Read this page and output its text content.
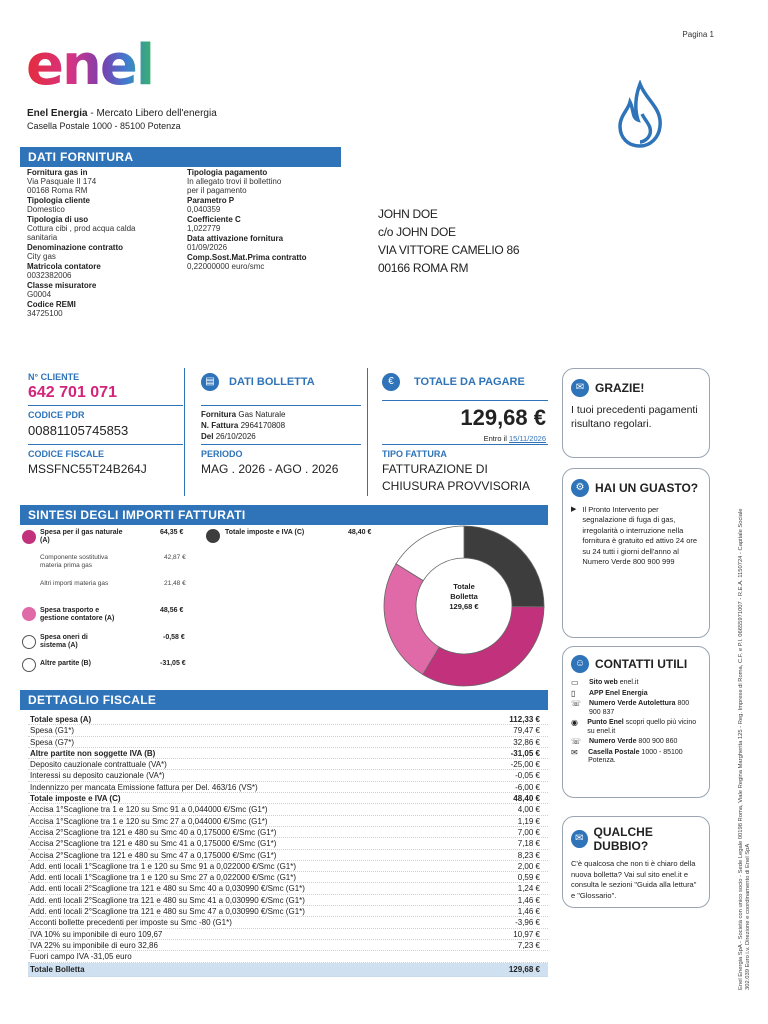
Pagina 1
enel
Enel Energia - Mercato Libero dell'energia
Casella Postale 1000 - 85100 Potenza
DATI FORNITURA
Fornitura gas in
Via Pasquale II 174
00168 Roma RM
Tipologia cliente
Domestico
Tipologia di uso
Cottura cibi , prod acqua calda
sanitaria
Denominazione contratto
City gas
Matricola contatore
0032382006
Classe misuratore
G0004
Codice REMI
34725100
Tipologia pagamento
In allegato trovi il bollettino
per il pagamento
Parametro P
0,040359
Coefficiente C
1,022779
Data attivazione fornitura
01/09/2026
Comp.Sost.Mat.Prima contratto
0,22000000 euro/smc
JOHN DOE
c/o JOHN DOE
VIA VITTORE CAMELIO 86
00166 ROMA RM
N° CLIENTE
642 701 071
CODICE PDR
00881105745853
CODICE FISCALE
MSSFNC55T24B264J
▤	DATI BOLLETTA
Fornitura Gas Naturale
N. Fattura 2964170808
Del 26/10/2026
PERIODO
MAG . 2026 - AGO . 2026
€	TOTALE DA PAGARE
129,68 €
Entro il 15/11/2026
TIPO FATTURA
FATTURAZIONE DI CHIUSURA PROVVISORIA
✉ GRAZIE!
I tuoi precedenti pagamenti risultano regolari.
⚙ HAI UN GUASTO?
▶ Il Pronto Intervento per segnalazione di fuga di gas, irregolarità o interruzione nella fornitura è gratuito ed attivo 24 ore su 24 tutti i giorni dell'anno al Numero Verde 800 900 999
☺ CONTATTI UTILI
▭	Sito web enel.it
▯	APP Enel Energia
☏ Numero Verde Autolettura 800 900 837
◉ Punto Enel scopri quello più vicino su enel.it
☏ Numero Verde 800 900 860
✉	Casella Postale 1000 - 85100 Potenza.
✉ QUALCHE DUBBIO?
C'è qualcosa che non ti è chiaro della nuova bolletta? Vai sul sito enel.it e consulta le sezioni "Guida alla lettura" e "Glossario".
SINTESI DEGLI IMPORTI FATTURATI
Spesa per il gas naturale (A)
64,35 €
Componente sostitutiva materia prima gas
42,87 €
Altri importi materia gas	21,48 €
Spesa trasporto e gestione contatore (A)
48,56 €
Spesa oneri di sistema (A)
-0,58 €
Altre partite (B)	-31,05 €
Totale imposte e IVA (C)	48,40 €
Totale
Bolletta
129,68 €
DETTAGLIO FISCALE
Totale spesa (A)	112,33 €
Spesa (G1*)	79,47 €
Spesa (G7*)	32,86 €
Altre partite non soggette IVA (B)	-31,05 €
Deposito cauzionale contrattuale (VA*)	-25,00 €
Interessi su deposito cauzionale (VA*)	-0,05 €
Indennizzo per mancata Emissione fattura per Del. 463/16 (VS*)	-6,00 €
Totale imposte e IVA (C)	48,40 €
Accisa 1°Scaglione tra 1 e 120 su Smc 91 a 0,044000 €/Smc (G1*)	4,00 €
Accisa 1°Scaglione tra 1 e 120 su Smc 27 a 0,044000 €/Smc (G1*)	1,19 €
Accisa 2°Scaglione tra 121 e 480 su Smc 40 a 0,175000 €/Smc (G1*)	7,00 €
Accisa 2°Scaglione tra 121 e 480 su Smc 41 a 0,175000 €/Smc (G1*)	7,18 €
Accisa 2°Scaglione tra 121 e 480 su Smc 47 a 0,175000 €/Smc (G1*)	8,23 €
Add. enti locali 1°Scaglione tra 1 e 120 su Smc 91 a 0,022000 €/Smc (G1*)	2,00 €
Add. enti locali 1°Scaglione tra 1 e 120 su Smc 27 a 0,022000 €/Smc (G1*)	0,59 €
Add. enti locali 2°Scaglione tra 121 e 480 su Smc 40 a 0,030990 €/Smc (G1*)	1,24 €
Add. enti locali 2°Scaglione tra 121 e 480 su Smc 41 a 0,030990 €/Smc (G1*)	1,46 €
Add. enti locali 2°Scaglione tra 121 e 480 su Smc 47 a 0,030990 €/Smc (G1*)	1,46 €
Acconti bollette precedenti per imposte su Smc -80 (G1*)	-3,96 €
IVA 10% su imponibile di euro 109,67	10,97 €
IVA 22% su imponibile di euro 32,86	7,23 €
Fuori campo IVA -31,05 euro
Totale Bolletta	129,68 €	Enel Energia SpA - Società con unico socio - Sede Legale 00198 Roma, Viale Regina Margherita 125 - Reg. Imprese di Roma, C.F. e P.I. 06655971007 - R.E.A. 1150724 - Capitale Sociale 302.039 Euro i.v. Direzione e coordinamento di Enel SpA
